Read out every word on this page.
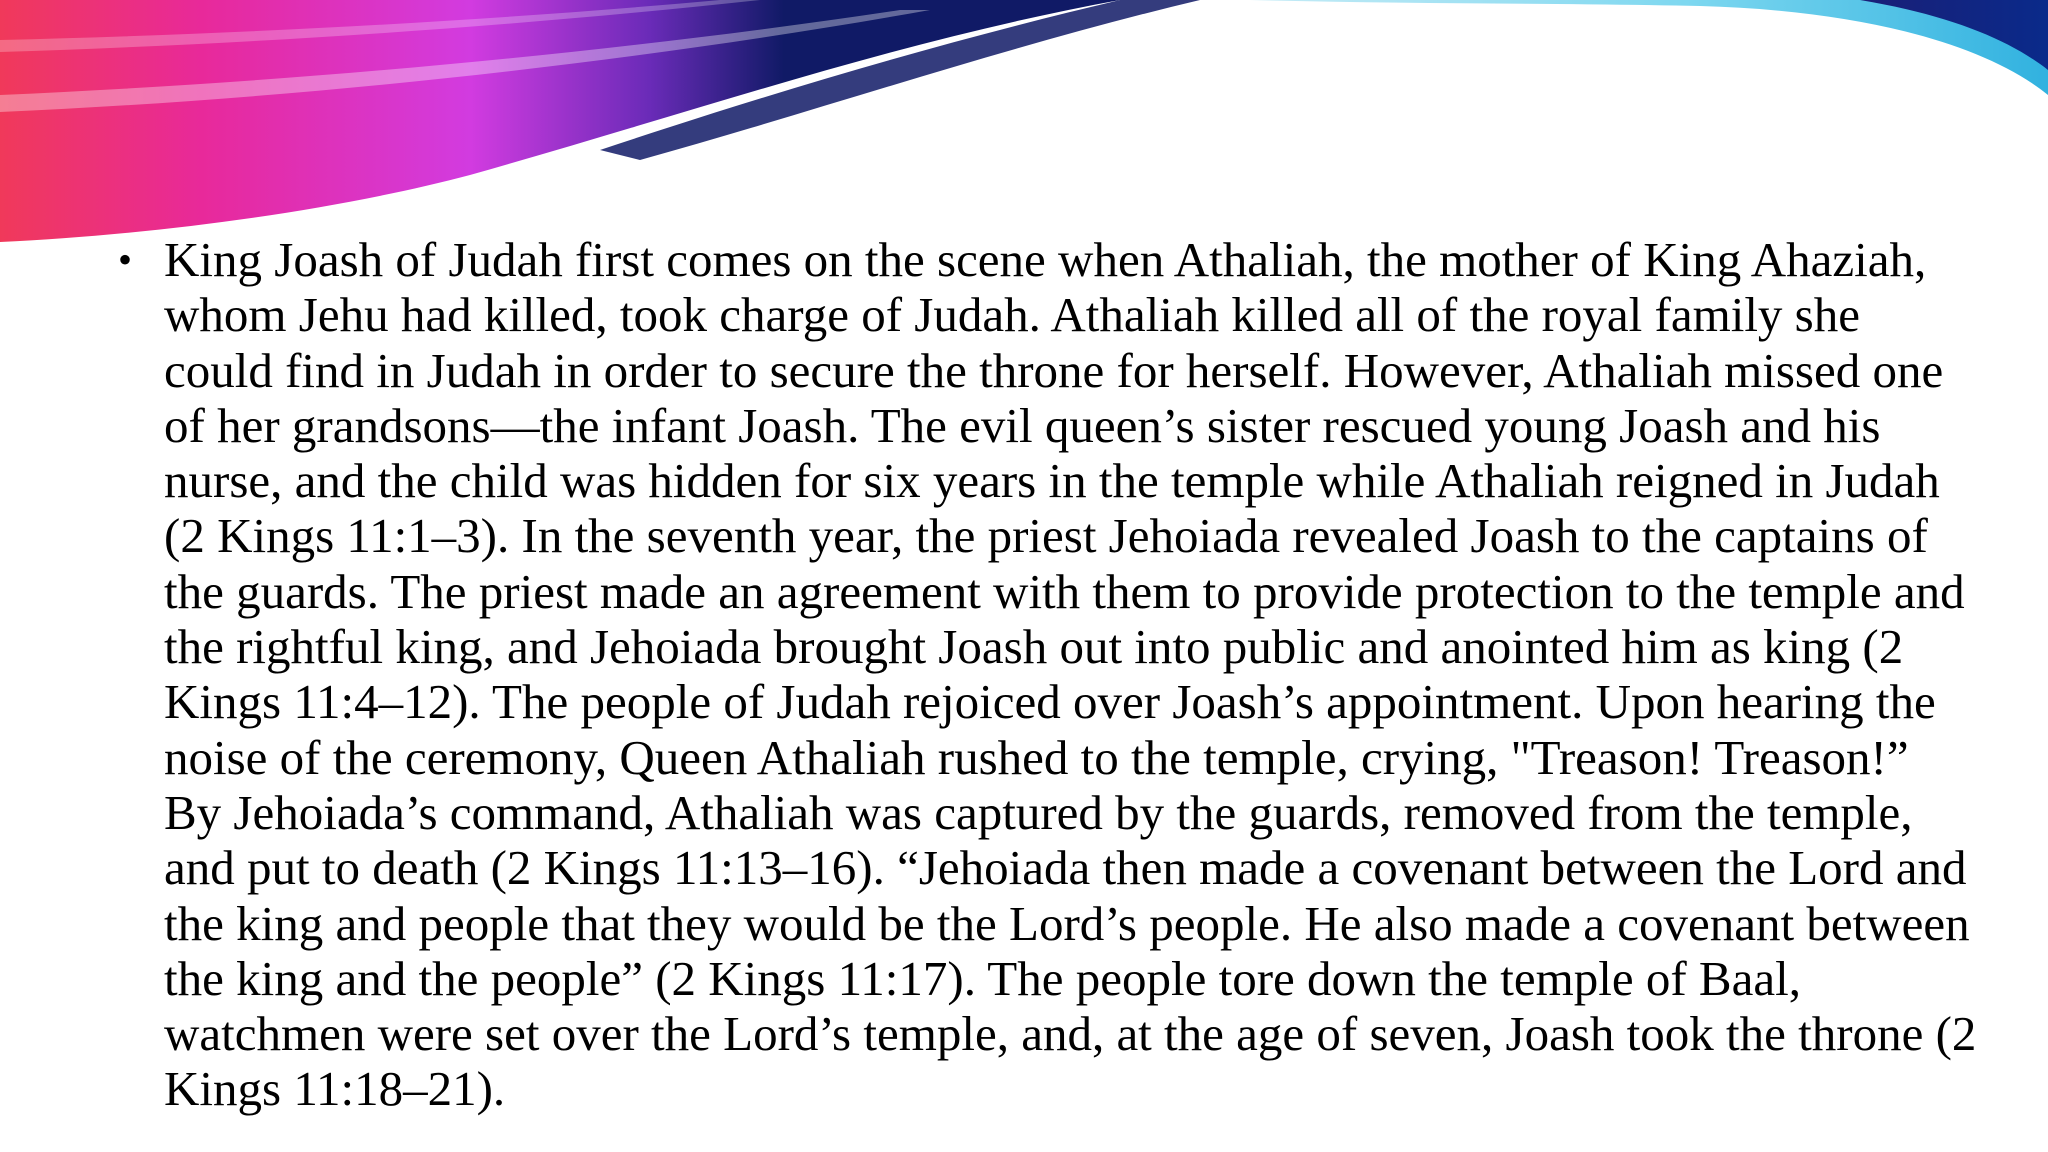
• King Joash of Judah first comes on the scene when Athaliah, the mother of King Ahaziah,
whom Jehu had killed, took charge of Judah. Athaliah killed all of the royal family she
could find in Judah in order to secure the throne for herself. However, Athaliah missed one
of her grandsons—the infant Joash. The evil queen’s sister rescued young Joash and his
nurse, and the child was hidden for six years in the temple while Athaliah reigned in Judah
(2 Kings 11:1–3). In the seventh year, the priest Jehoiada revealed Joash to the captains of
the guards. The priest made an agreement with them to provide protection to the temple and
the rightful king, and Jehoiada brought Joash out into public and anointed him as king (2
Kings 11:4–12). The people of Judah rejoiced over Joash’s appointment. Upon hearing the
noise of the ceremony, Queen Athaliah rushed to the temple, crying, "Treason! Treason!”
By Jehoiada’s command, Athaliah was captured by the guards, removed from the temple,
and put to death (2 Kings 11:13–16). “Jehoiada then made a covenant between the Lord and
the king and people that they would be the Lord’s people. He also made a covenant between
the king and the people” (2 Kings 11:17). The people tore down the temple of Baal,
watchmen were set over the Lord’s temple, and, at the age of seven, Joash took the throne (2
Kings 11:18–21).
